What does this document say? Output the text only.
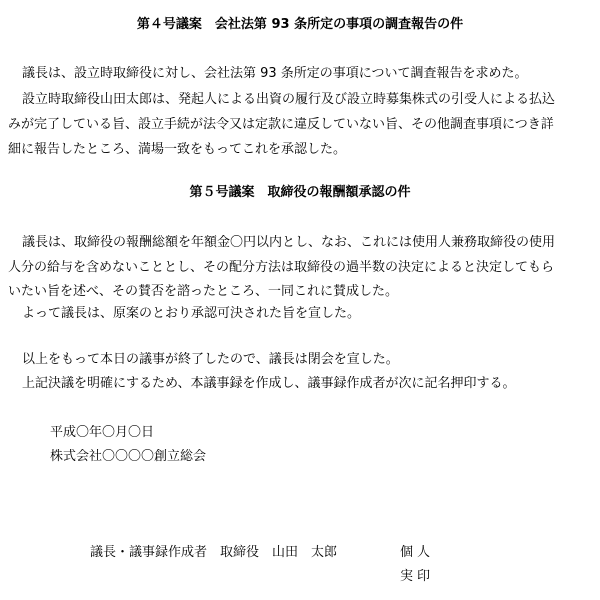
第４号議案　会社法第 93 条所定の事項の調査報告の件
議長は、設立時取締役に対し、会社法第 93 条所定の事項について調査報告を求めた。
設立時取締役山田太郎は、発起人による出資の履行及び設立時募集株式の引受人による払込
みが完了している旨、設立手続が法令又は定款に違反していない旨、その他調査事項につき詳
細に報告したところ、満場一致をもってこれを承認した。
第５号議案　取締役の報酬額承認の件
議長は、取締役の報酬総額を年額金〇円以内とし、なお、これには使用人兼務取締役の使用
人分の給与を含めないこととし、その配分方法は取締役の過半数の決定によると決定してもら
いたい旨を述べ、その賛否を諮ったところ、一同これに賛成した。
よって議長は、原案のとおり承認可決された旨を宣した。
以上をもって本日の議事が終了したので、議長は閉会を宣した。
上記決議を明確にするため、本議事録を作成し、議事録作成者が次に記名押印する。
平成〇年〇月〇日
株式会社〇〇〇〇創立総会
議長・議事録作成者 取締役 山田　太郎	個人
実印
